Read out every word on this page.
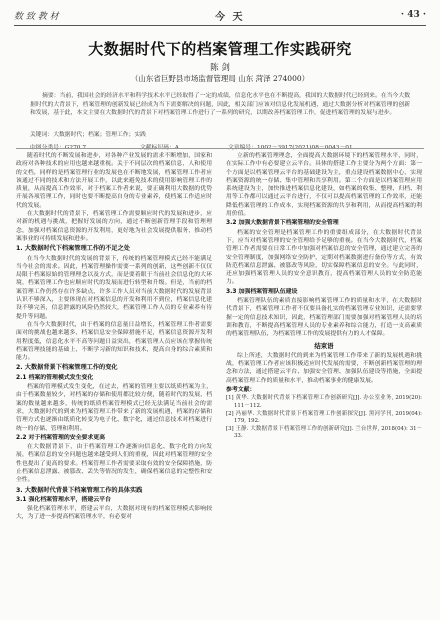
数 致 教 材	今 天	· 43 ·
大数据时代下的档案管理工作实践研究
陈 剑
（山东省巨野县市场监督管理局 山东 菏泽 274000）
摘要：当前，我国社会的经济水平和科学技术水平已经取得了一定的成绩，信息化水平也在不断提高，我国的大数据时代已经到来。在当今大数据时代的大背景下，档案管理的创新发展已经成为当下需要解决的问题，因此，相关部门应该对信息化发展机遇，通过大数据分析对档案管理的创新和发展，基于此，本文主要在大数据时代的背景下对档案管理工作进行了一系列的研究，以期改善档案管理工作，促进档案管理的发展与进步。
关键词：大数据时代；档案；管理工作；实践
中图分类号：G270.7	文献标识码：A	文章编号：1002－3917(2021)08－0043－01

随着时代的不断发展和进步，对各种产业发展的需求不断增加，国家和政府对各种技术的应用也越来越重视。关于不同层次的档案信息，人和使用的文档，同样的是档案管理行业的发展也在不断地发展，档案管理工作者应该通过不同的技术和方法开展工作，以此来避免技术的使用影响管理工作的质量，从而提高工作效率，对于档案工作者来说，要正确利用大数据的优势开展各项管理工作，同时也要不断提高自身的专业素养，使档案工作适应时代的发展。

在大数据时代的背景下，档案管理工作需要顺应时代的发展和进步，应对新的机遇与挑战，把握好发展的方向，通过不断创新管理手段和管理理念，加强对档案信息资源的开发利用，更好地为社会发展提供服务，推动档案事业的可持续发展和进步。

1. 大数据时代下档案管理工作的不足之处

在当今大数据时代的发展的背景下，传统的档案管理模式已经不能满足当今社会的需求。因此，档案管理操作需要一系列的创新，这些创新不仅仅局限于档案原始的管理理念以及方式，而是要着眼于当前社会信息化的大环境，档案管理工作也应顺应时代的发展而进行转型和升级。但是，当前的档案管理工作仍然存在许多缺点，许多工作人员对当前大数据时代的发展背景认识不够深入，主要体现在对档案信息的开发和利用不到位，档案信息化建设不够完善，信息泄露的风险仍然较大，档案管理工作人员的专业素养有待提升等问题。

在当今大数据时代，由于档案的信息量日益增长，档案管理工作者需要面对的挑战也越来越多，档案信息安全保障措施不足，档案信息资源开发利用程度低，信息化水平不高等问题日益突出，档案管理人员应该在掌握传统档案管理技能的基础上，不断学习新的知识和技术，提高自身的综合素质和能力。

2. 大数据背景下档案管理工作的变化
2.1 档案的管理模式发生变化

档案的管理模式发生变化，在过去，档案的管理主要以纸质档案为主，由于档案数量较少，对档案的存储和使用都比较方便，随着时代的发展，档案的数量越来越多，传统的纸质档案管理模式已经无法满足当前社会的需求，大数据时代的到来为档案管理工作带来了新的发展机遇，档案的存储和管理方式也逐渐由纸质化转变为电子化、数字化，通过信息技术对档案进行统一的存储、管理和利用。

2.2 对于档案管理的安全要求更高

在大数据背景下，由于档案管理工作逐渐向信息化、数字化的方向发展，档案信息的安全问题也越来越受到人们的重视，因此对档案管理的安全性也提出了更高的要求。档案管理工作者需要采取有效的安全保障措施，防止档案信息泄露、被篡改、丢失等情况的发生，确保档案信息的完整性和安全性。

3. 大数据时代背景下档案管理工作的具体实践
3.1 强化档案管理水平，搭建云平台

强化档案管理水平，搭建云平台，大数据对现有的档案管理模式影响较大，为了进一步提高档案管理水平，有必要对

立新的档案管理理念，全面提高大数据环境下的档案管理水平，同时，在实际工作中有必要建立云平台。具体的搭建工作主要分为两个方面：第一个方面是以档案管理云平台的基础建设为主，重点建设档案数据中心，实现档案资源的统一存储、集中管理和共享利用。第二个方面是以档案管理应用系统建设为主，加快推进档案信息化建设，如档案的收集、整理、归档、利用等工作都可以通过云平台进行，不仅可以提高档案管理的工作效率，还能降低档案管理的工作成本，实现档案资源的共享和利用，从而提高档案的利用价值。

3.2 加强大数据背景下档案管理的安全管理

档案的安全管理是档案管理工作的重要组成部分，在大数据时代背景下，应当对档案管理的安全管理给予足够的重视。在当今大数据时代，档案管理工作者需要在日常工作中加强对档案信息的安全管理，通过建立完善的安全管理制度，加强网络安全防护，定期对档案数据进行备份等方式，有效防范档案信息泄露、被篡改等风险，切实保障档案信息的安全。与此同时，还应加强档案管理人员的安全意识教育，提高档案管理人员的安全防范能力。

3.3 加强档案管理队伍建设

档案管理队伍的素质直接影响档案管理工作的质量和水平，在大数据时代背景下，档案管理工作者不仅要具备扎实的档案管理专业知识，还需要掌握一定的信息技术知识，因此，档案管理部门需要加强对档案管理人员的培训和教育，不断提高档案管理人员的专业素养和综合能力，打造一支高素质的档案管理队伍，为档案管理工作的发展提供有力的人才保障。

结束语

综上所述，大数据时代的到来为档案管理工作带来了新的发展机遇和挑战，档案管理工作者应该积极适应时代发展的需要，不断创新档案管理的理念和方法，通过搭建云平台、加强安全管理、加强队伍建设等措施，全面提高档案管理工作的质量和水平，推动档案事业的健康发展。

参考文献：

[1] 黄华. 大数据时代背景下档案管理工作创新研究[J]. 办公室业务, 2019(20): 111－112.

[2] 冯丽华. 大数据时代背景下档案管理工作创新探究[J]. 黑河学刊, 2019(04): 179, 192.

[3] 王静. 大数据背景下档案管理工作的创新研究[J]. 兰台世界, 2018(04): 31－33.
